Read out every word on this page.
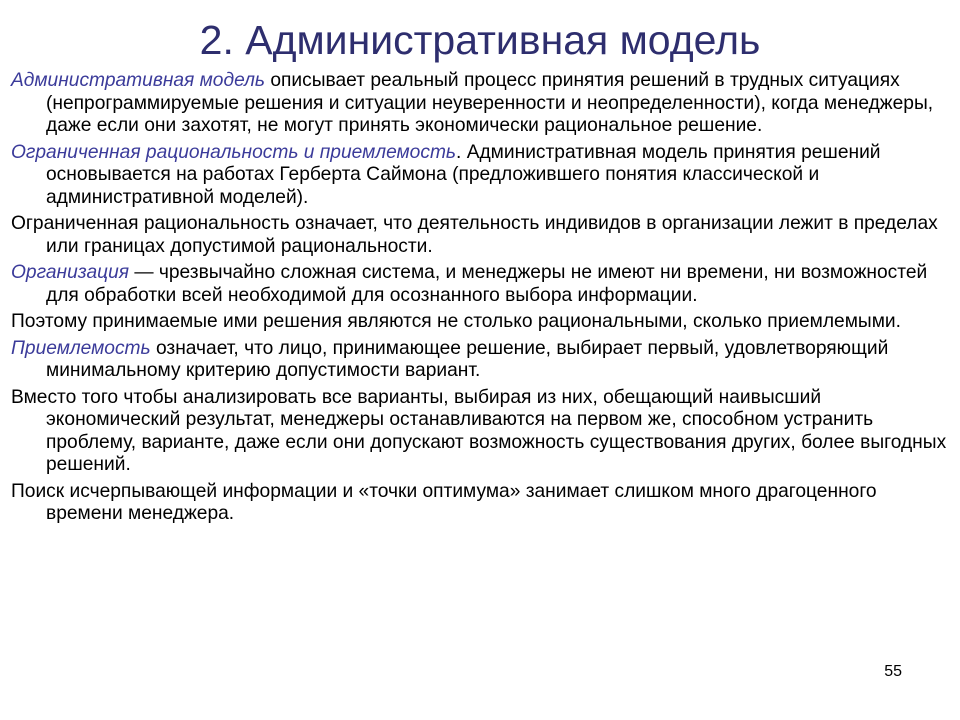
2. Административная модель

Административная модель описывает реальный процесс принятия решений в трудных ситуациях (непрограммируемые решения и ситуации неуверенности и неопределенности), когда менеджеры, даже если они захотят, не могут принять экономически рациональное решение.

Ограниченная рациональность и приемлемость. Административная модель принятия решений основывается на работах Герберта Саймона (предложившего понятия классической и административной моделей).

Ограниченная рациональность означает, что деятельность индивидов в организации лежит в пределах или границах допустимой рациональности.

Организация — чрезвычайно сложная система, и менеджеры не имеют ни времени, ни возможностей для обработки всей необходимой для осознанного выбора информации.

Поэтому принимаемые ими решения являются не столько рациональными, сколько приемлемыми.

Приемлемость означает, что лицо, принимающее решение, выбирает первый, удовлетворяющий минимальному критерию допустимости вариант.

Вместо того чтобы анализировать все варианты, выбирая из них, обещающий наивысший экономический результат, менеджеры останавливаются на первом же, способном устранить проблему, варианте, даже если они допускают возможность существования других, более выгодных решений.

Поиск исчерпывающей информации и «точки оптимума» занимает слишком много драгоценного времени менеджера.

55
